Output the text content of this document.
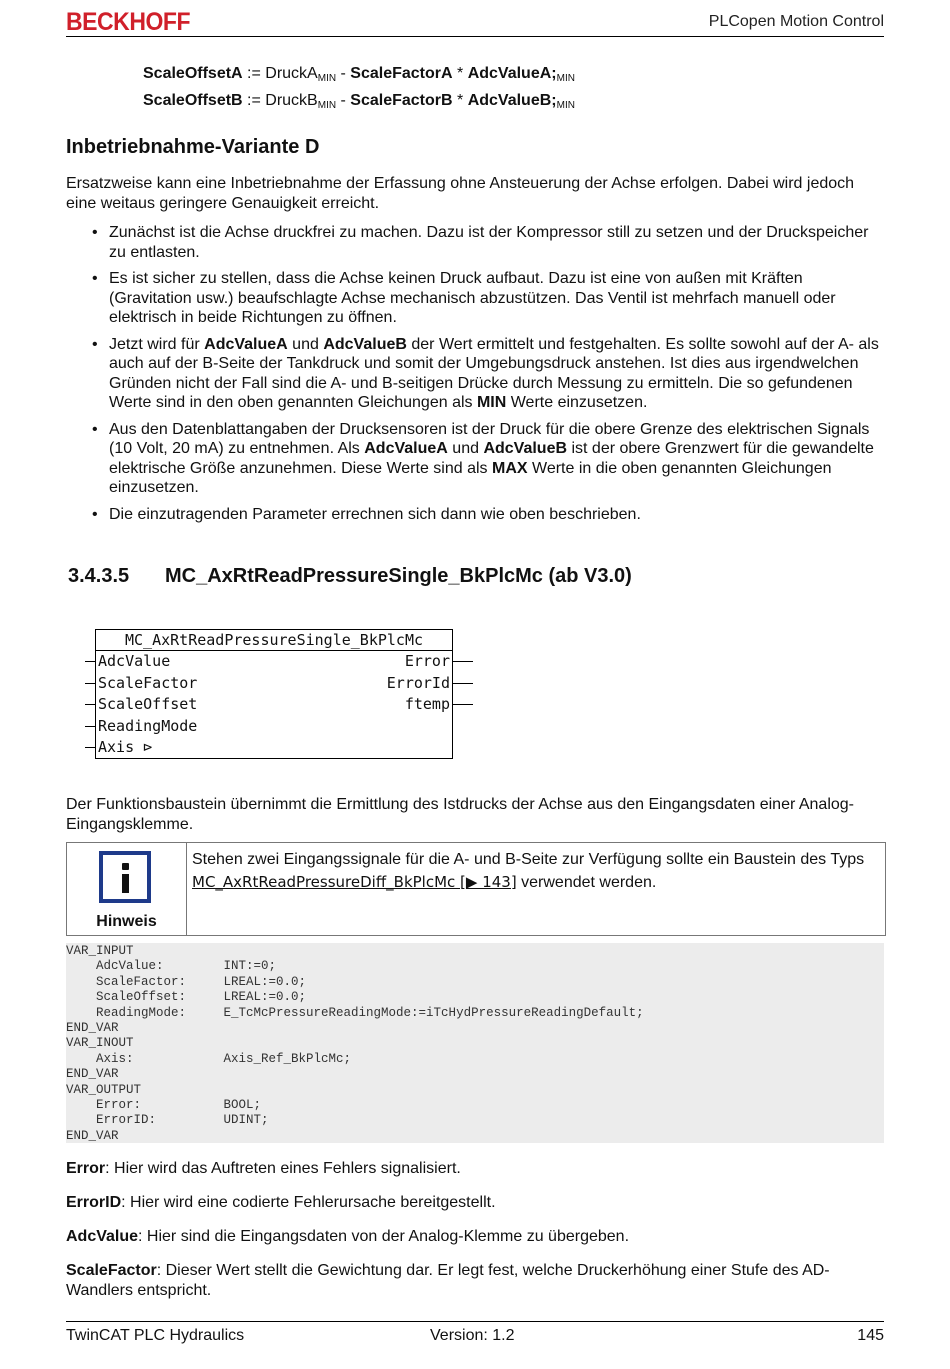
BECKHOFF	PLCopen Motion Control
ScaleOffsetA := DruckA$_{MIN}$ - ScaleFactorA * $AdcValueA;_{MIN}$
ScaleOffsetB := DruckB$_{MIN}$ - ScaleFactorB * $AdcValueB;_{MIN}$
Inbetriebnahme-Variante D
Ersatzweise kann eine Inbetriebnahme der Erfassung ohne Ansteuerung der Achse erfolgen. Dabei wird jedoch eine weitaus geringere Genauigkeit erreicht.
• Zunächst ist die Achse druckfrei zu machen. Dazu ist der Kompressor still zu setzen und der Druckspeicher zu entlasten.
• Es ist sicher zu stellen, dass die Achse keinen Druck aufbaut. Dazu ist eine von außen mit Kräften (Gravitation usw.) beaufschlagte Achse mechanisch abzustützen. Das Ventil ist mehrfach manuell oder elektrisch in beide Richtungen zu öffnen.
• Jetzt wird für AdcValueA und AdcValueB der Wert ermittelt und festgehalten. Es sollte sowohl auf der A- als auch auf der B-Seite der Tankdruck und somit der Umgebungsdruck anstehen. Ist dies aus irgendwelchen Gründen nicht der Fall sind die A- und B-seitigen Drücke durch Messung zu ermitteln. Die so gefundenen Werte sind in den oben genannten Gleichungen als MIN Werte einzusetzen.
• Aus den Datenblattangaben der Drucksensoren ist der Druck für die obere Grenze des elektrischen Signals (10 Volt, 20 mA) zu entnehmen. Als AdcValueA und AdcValueB ist der obere Grenzwert für die gewandelte elektrische Größe anzunehmen. Diese Werte sind als MAX Werte in die oben genannten Gleichungen einzusetzen.
• Die einzutragenden Parameter errechnen sich dann wie oben beschrieben.
3.4.3.5 MC_AxRtReadPressureSingle_BkPlcMc (ab V3.0)
MC_AxRtReadPressureSingle_BkPlcMc
AdcValue
ScaleFactor
ScaleOffset
ReadingMode
Axis ⊳
Error
ErrorId
ftemp
Der Funktionsbaustein übernimmt die Ermittlung des Istdrucks der Achse aus den Eingangsdaten einer Analog-Eingangsklemme.
Hinweis
Stehen zwei Eingangssignale für die A- und B-Seite zur Verfügung sollte ein Baustein des Typs MC_AxRtReadPressureDiff_BkPlcMc [▶ 143] verwendet werden.
VAR_INPUT
AdcValue:        INT:=0;
ScaleFactor:     LREAL:=0.0;
ScaleOffset:     LREAL:=0.0;
ReadingMode:     E_TcMcPressureReadingMode:=iTcHydPressureReadingDefault;
END_VAR
VAR_INOUT
Axis:            Axis_Ref_BkPlcMc;
END_VAR
VAR_OUTPUT
Error:           BOOL;
ErrorID:         UDINT;
END_VAR
Error: Hier wird das Auftreten eines Fehlers signalisiert.
ErrorID: Hier wird eine codierte Fehlerursache bereitgestellt.
AdcValue: Hier sind die Eingangsdaten von der Analog-Klemme zu übergeben.
ScaleFactor: Dieser Wert stellt die Gewichtung dar. Er legt fest, welche Druckerhöhung einer Stufe des AD-Wandlers entspricht.
TwinCAT PLC Hydraulics	Version: 1.2	145
